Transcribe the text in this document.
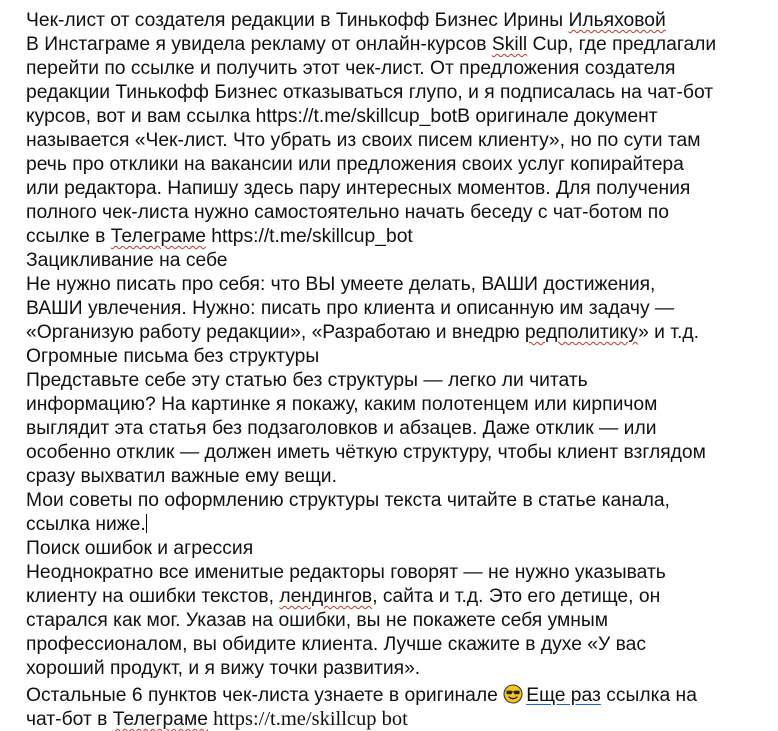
Чек-лист от создателя редакции в Тинькофф Бизнес Ирины Ильяховой
В Инстаграме я увидела рекламу от онлайн-курсов Skill Cup, где предлагали
перейти по ссылке и получить этот чек-лист. От предложения создателя
редакции Тинькофф Бизнес отказываться глупо, и я подписалась на чат-бот
курсов, вот и вам ссылка https://t.me/skillcup_botВ оригинале документ
называется «Чек-лист. Что убрать из своих писем клиенту», но по сути там
речь про отклики на вакансии или предложения своих услуг копирайтера
или редактора. Напишу здесь пару интересных моментов. Для получения
полного чек-листа нужно самостоятельно начать беседу с чат-ботом по
ссылке в Телеграме https://t.me/skillcup_bot
Зацикливание на себе
Не нужно писать про себя: что ВЫ умеете делать, ВАШИ достижения,
ВАШИ увлечения. Нужно: писать про клиента и описанную им задачу —
«Организую работу редакции», «Разработаю и внедрю редполитику» и т.д.
Огромные письма без структуры
Представьте себе эту статью без структуры — легко ли читать
информацию? На картинке я покажу, каким полотенцем или кирпичом
выглядит эта статья без подзаголовков и абзацев. Даже отклик — или
особенно отклик — должен иметь чёткую структуру, чтобы клиент взглядом
сразу выхватил важные ему вещи.
Мои советы по оформлению структуры текста читайте в статье канала,
ссылка ниже.
Поиск ошибок и агрессия
Неоднократно все именитые редакторы говорят — не нужно указывать
клиенту на ошибки текстов, лендингов, сайта и т.д. Это его детище, он
старался как мог. Указав на ошибки, вы не покажете себя умным
профессионалом, вы обидите клиента. Лучше скажите в духе «У вас
хороший продукт, и я вижу точки развития».
Остальные 6 пунктов чек-листа узнаете в оригинале Еще раз ссылка на
чат-бот в Телеграме https://t.me/skillcup bot
